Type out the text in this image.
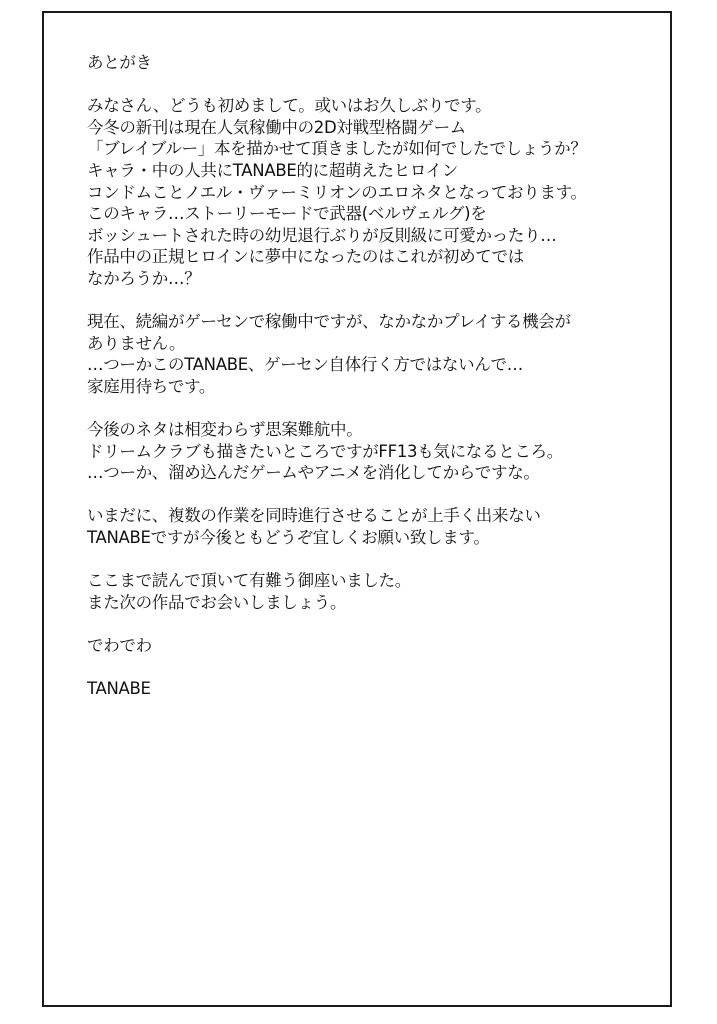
あとがき
みなさん、どうも初めまして。或いはお久しぶりです。
今冬の新刊は現在人気稼働中の2D対戦型格闘ゲーム
「ブレイブルー」本を描かせて頂きましたが如何でしたでしょうか？
キャラ・中の人共にTANABE的に超萌えたヒロイン
コンドムことノエル・ヴァーミリオンのエロネタとなっております。
このキャラ…ストーリーモードで武器(ベルヴェルグ)を
ボッシュートされた時の幼児退行ぶりが反則級に可愛かったり…
作品中の正規ヒロインに夢中になったのはこれが初めてでは
なかろうか…？
現在、続編がゲーセンで稼働中ですが、なかなかプレイする機会が
ありません。
…つーかこのTANABE、ゲーセン自体行く方ではないんで…
家庭用待ちです。
今後のネタは相変わらず思案難航中。
ドリームクラブも描きたいところですがFF13も気になるところ。
…つーか、溜め込んだゲームやアニメを消化してからですな。
いまだに、複数の作業を同時進行させることが上手く出来ない
TANABEですが今後ともどうぞ宜しくお願い致します。
ここまで読んで頂いて有難う御座いました。
また次の作品でお会いしましょう。
でわでわ
TANABE
